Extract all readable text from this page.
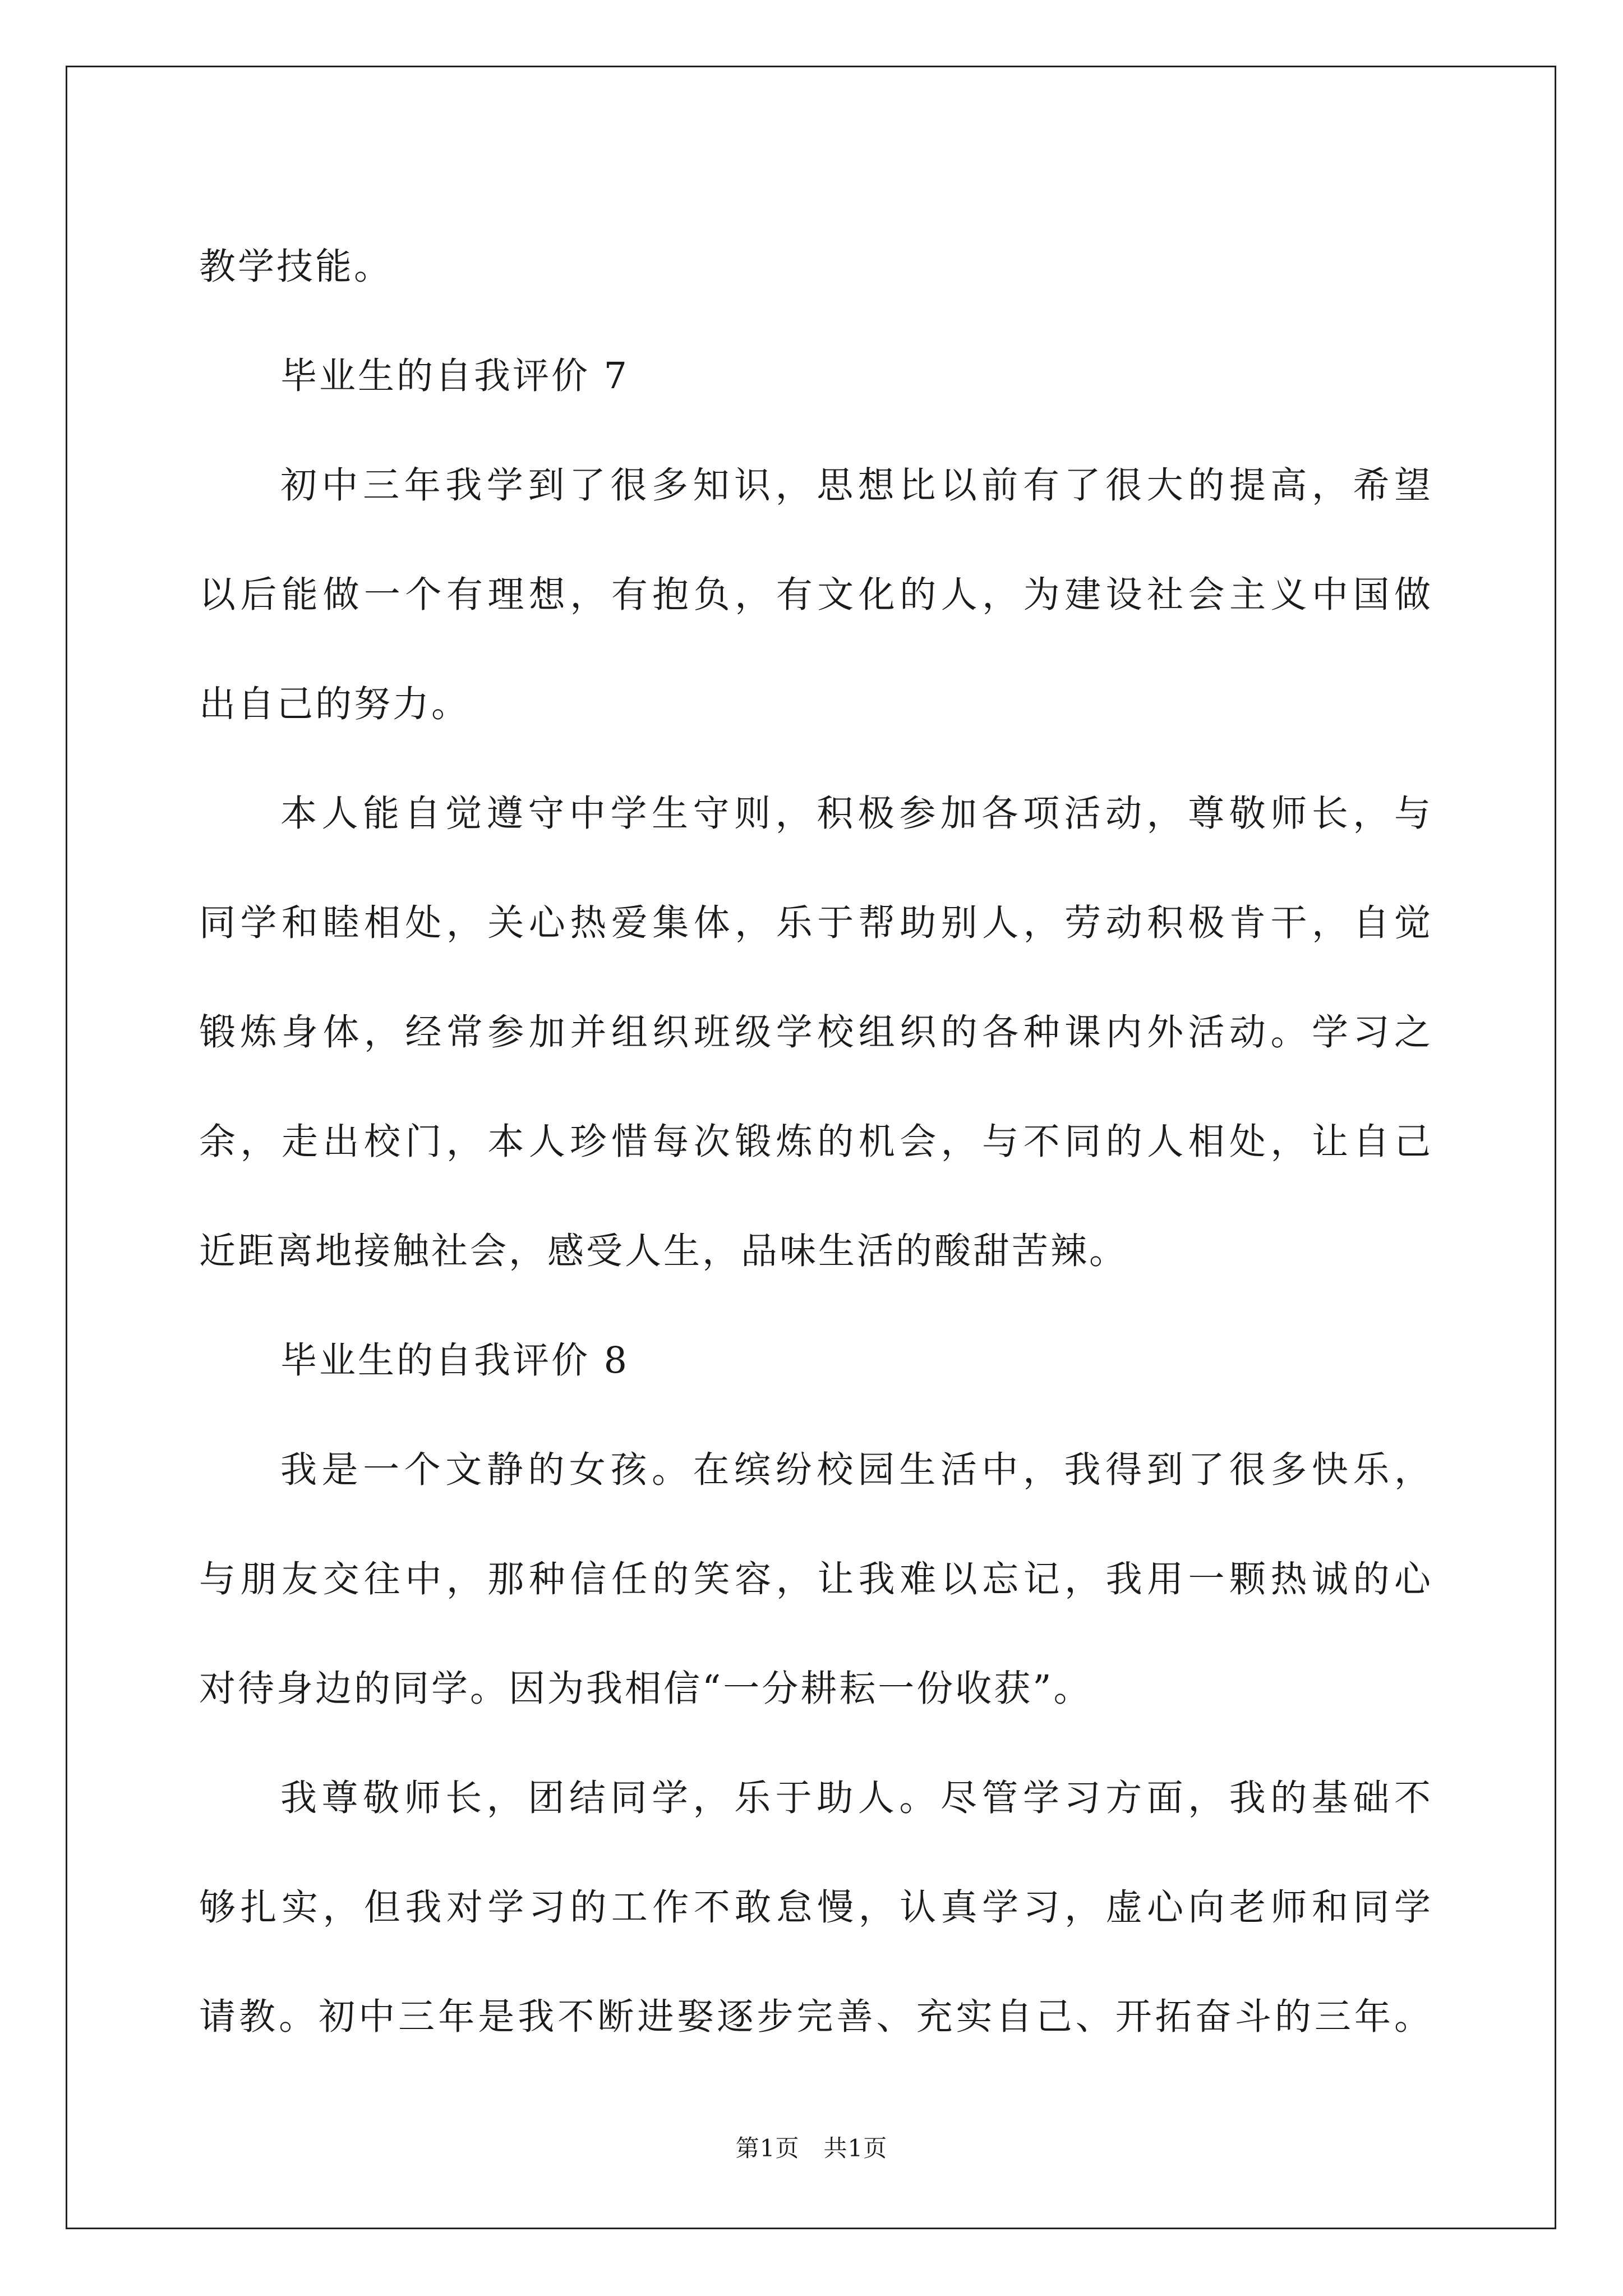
教学技能。
毕业生的自我评价 7
初中三年我学到了很多知识，思想比以前有了很大的提高，希望
以后能做一个有理想，有抱负，有文化的人，为建设社会主义中国做
出自己的努力。
本人能自觉遵守中学生守则，积极参加各项活动，尊敬师长，与
同学和睦相处，关心热爱集体，乐于帮助别人，劳动积极肯干，自觉
锻炼身体，经常参加并组织班级学校组织的各种课内外活动。学习之
余，走出校门，本人珍惜每次锻炼的机会，与不同的人相处，让自己
近距离地接触社会，感受人生，品味生活的酸甜苦辣。
毕业生的自我评价 8
我是一个文静的女孩。在缤纷校园生活中，我得到了很多快乐，
与朋友交往中，那种信任的笑容，让我难以忘记，我用一颗热诚的心
对待身边的同学。因为我相信“一分耕耘一份收获”。
我尊敬师长，团结同学，乐于助人。尽管学习方面，我的基础不
够扎实，但我对学习的工作不敢怠慢，认真学习，虚心向老师和同学
请教。初中三年是我不断进娶逐步完善、充实自己、开拓奋斗的三年。
第1页　共1页
